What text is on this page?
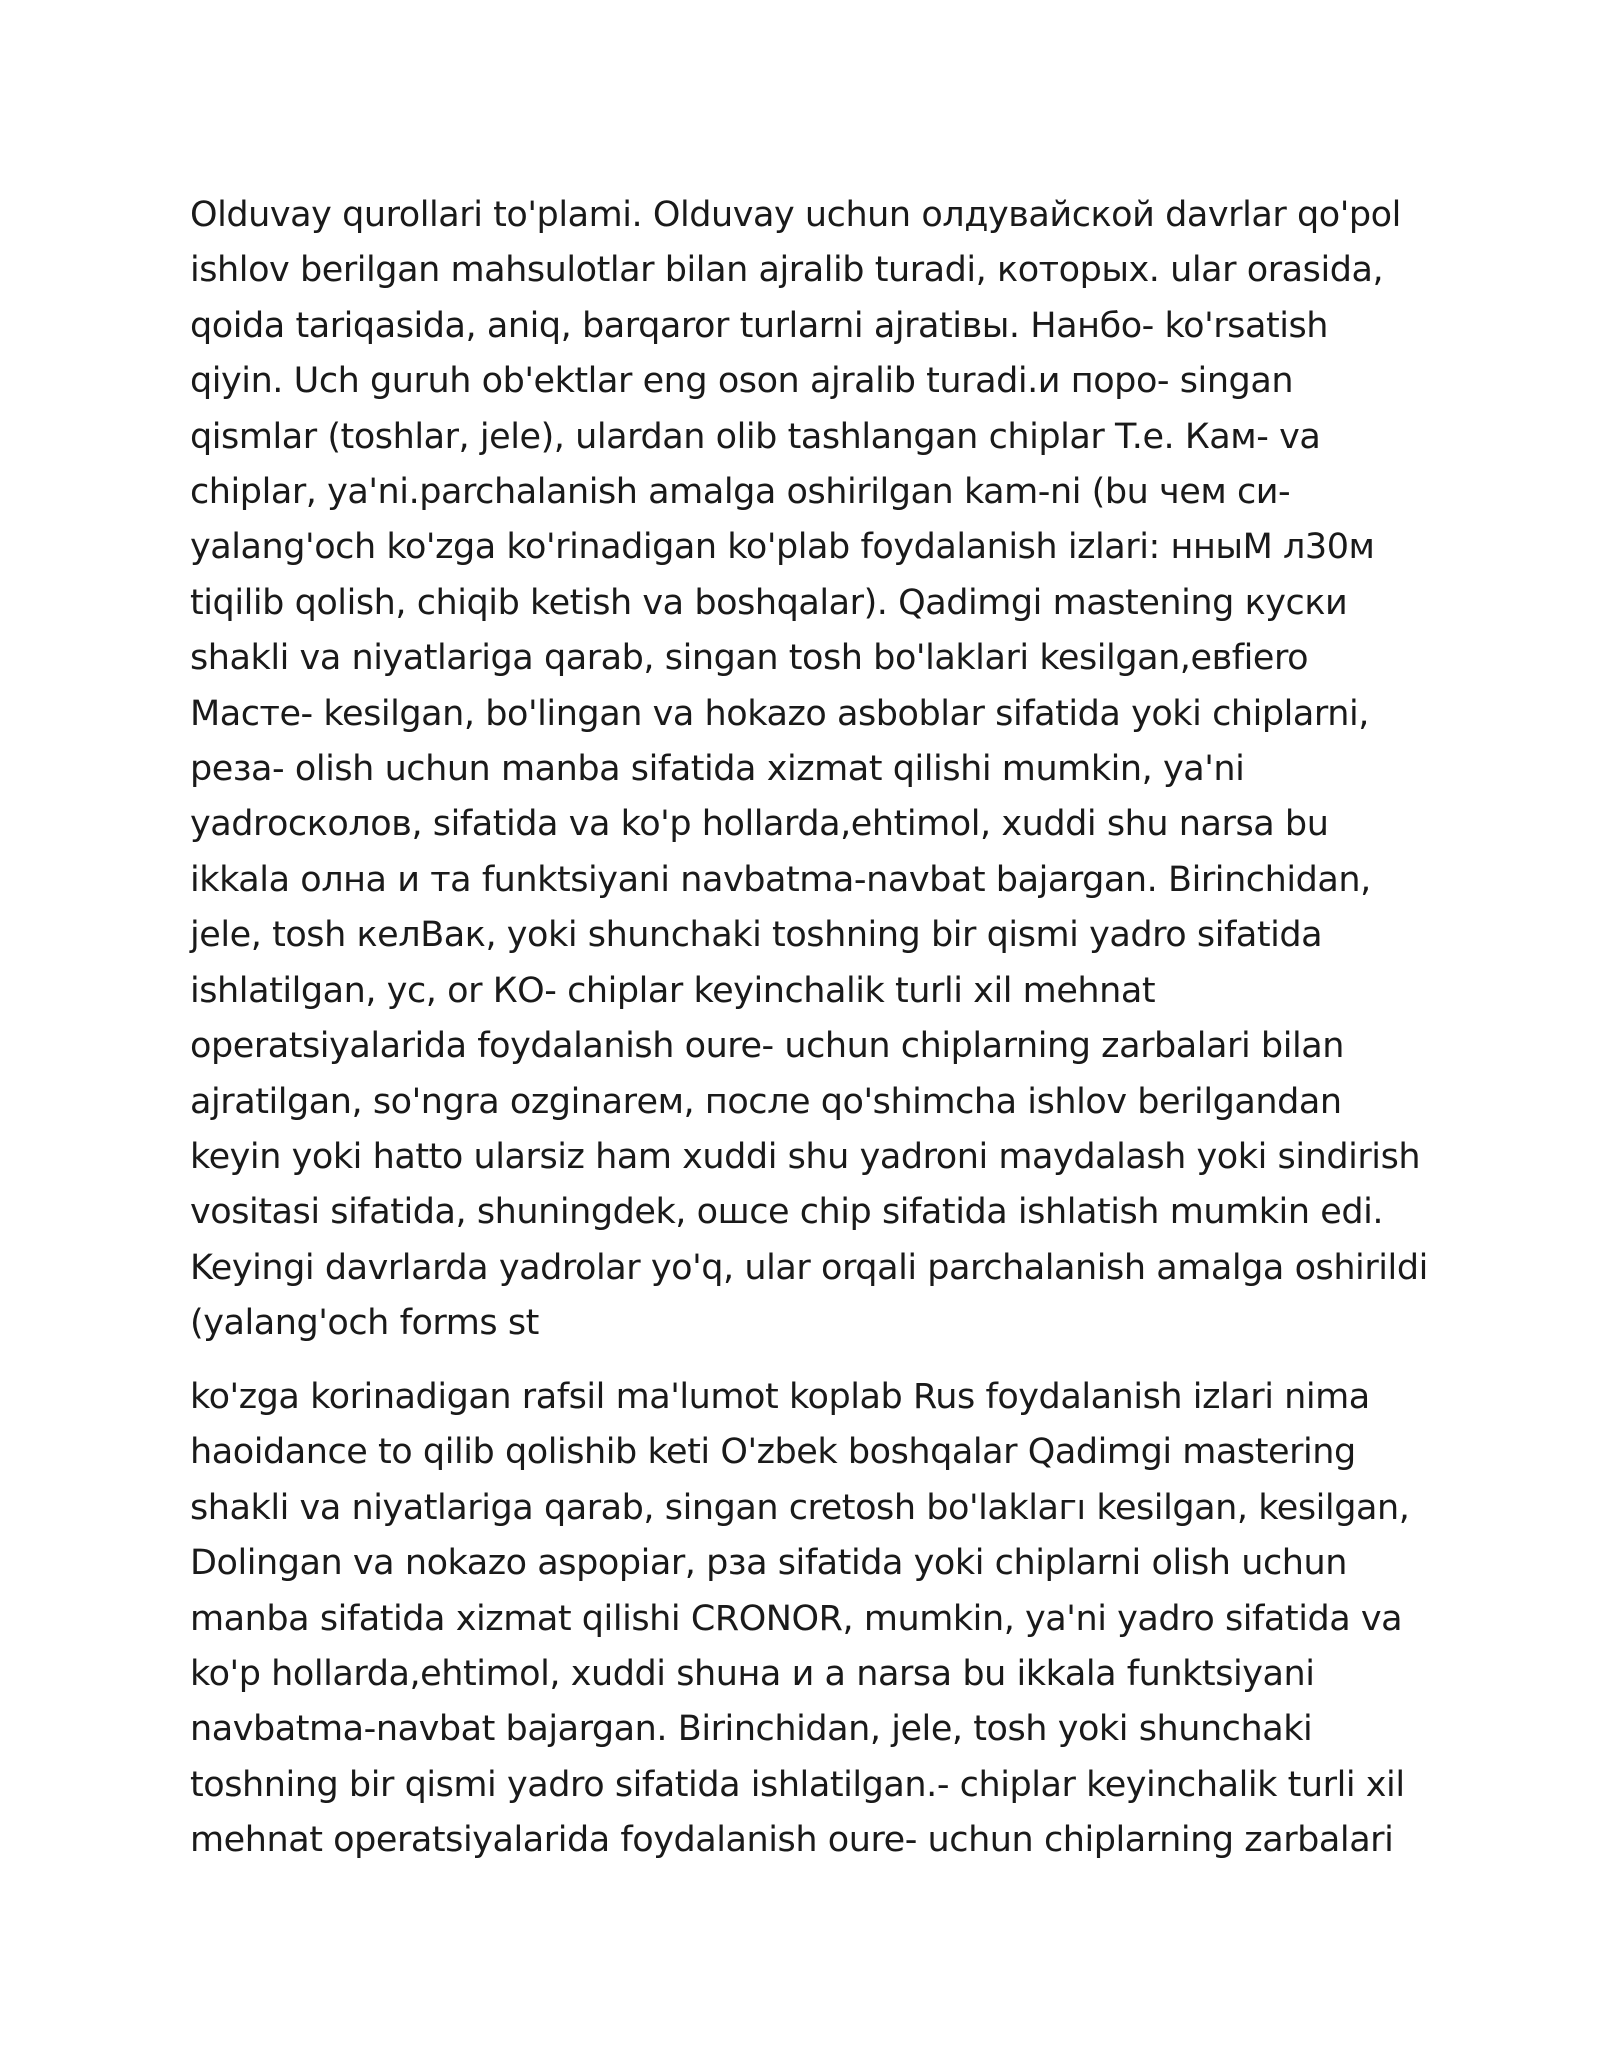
Olduvay qurollari to'plami. Olduvay uchun олдувайской davrlar qo'pol
ishlov berilgan mahsulotlar bilan ajralib turadi, которых. ular orasida,
qoida tariqasida, aniq, barqaror turlarni ajratiвы. Hанбо- ko'rsatish
qiyin. Uch guruh ob'ektlar eng oson ajralib turadi.и поро- singan
qismlar (toshlar, jele), ulardan olib tashlangan chiplar T.e. Кам- va
chiplar, ya'ni.parchalanish amalga oshirilgan kam-ni (bu чем си-
yalang'och ko'zga ko'rinadigan ko'plab foydalanish izlari: нныМ л30м
tiqilib qolish, chiqib ketish va boshqalar). Qadimgi mastening кyски
shakli va niyatlariga qarab, singan tosh bo'laklari kesilgan,евfiero
Масте- kesilgan, bo'lingan va hokazo asboblar sifatida yoki chiplarni,
реза- olish uchun manba sifatida xizmat qilishi mumkin, ya'ni
yadrосколов, sifatida va ko'p hollarda,ehtimol, xuddi shu narsa bu
ikkala олна и та funktsiyani navbatma-navbat bajargan. Birinchidan,
jele, tosh келВак, yoki shunchaki toshning bir qismi yadro sifatida
ishlatilgan, ус, or КО- chiplar keyinchalik turli xil mehnat
operatsiyalarida foydalanish oure- uchun chiplarning zarbalari bilan
ajratilgan, so'ngra ozginarем, после qo'shimcha ishlov berilgandan
keyin yoki hatto ularsiz ham xuddi shu yadroni maydalash yoki sindirish
vositasi sifatida, shuningdek, ошсе chip sifatida ishlatish mumkin edi.
Keyingi davrlarda yadrolar yo'q, ular orqali parchalanish amalga oshirildi
(yalang'och forms st
ko'zga korinadigan rafsil ma'lumot koplab Rus foydalanish izlari nima
haoidance to qilib qolishib keti O'zbek boshqalar Qadimgi mastering
shakli va niyatlariga qarab, singan cretosh bo'laklaгı kesilgan, kesilgan,
Dolingan va nokazo aspopiar, рза sifatida yoki chiplarni olish uchun
manba sifatida xizmat qilishi CRONOR, mumkin, ya'ni yadro sifatida va
ko'p hollarda,ehtimol, xuddi shuна и а narsa bu ikkala funktsiyani
navbatma-navbat bajargan. Birinchidan, jele, tosh yoki shunchaki
toshning bir qismi yadro sifatida ishlatilgan.- chiplar keyinchalik turli xil
mehnat operatsiyalarida foydalanish oure- uchun chiplarning zarbalari
